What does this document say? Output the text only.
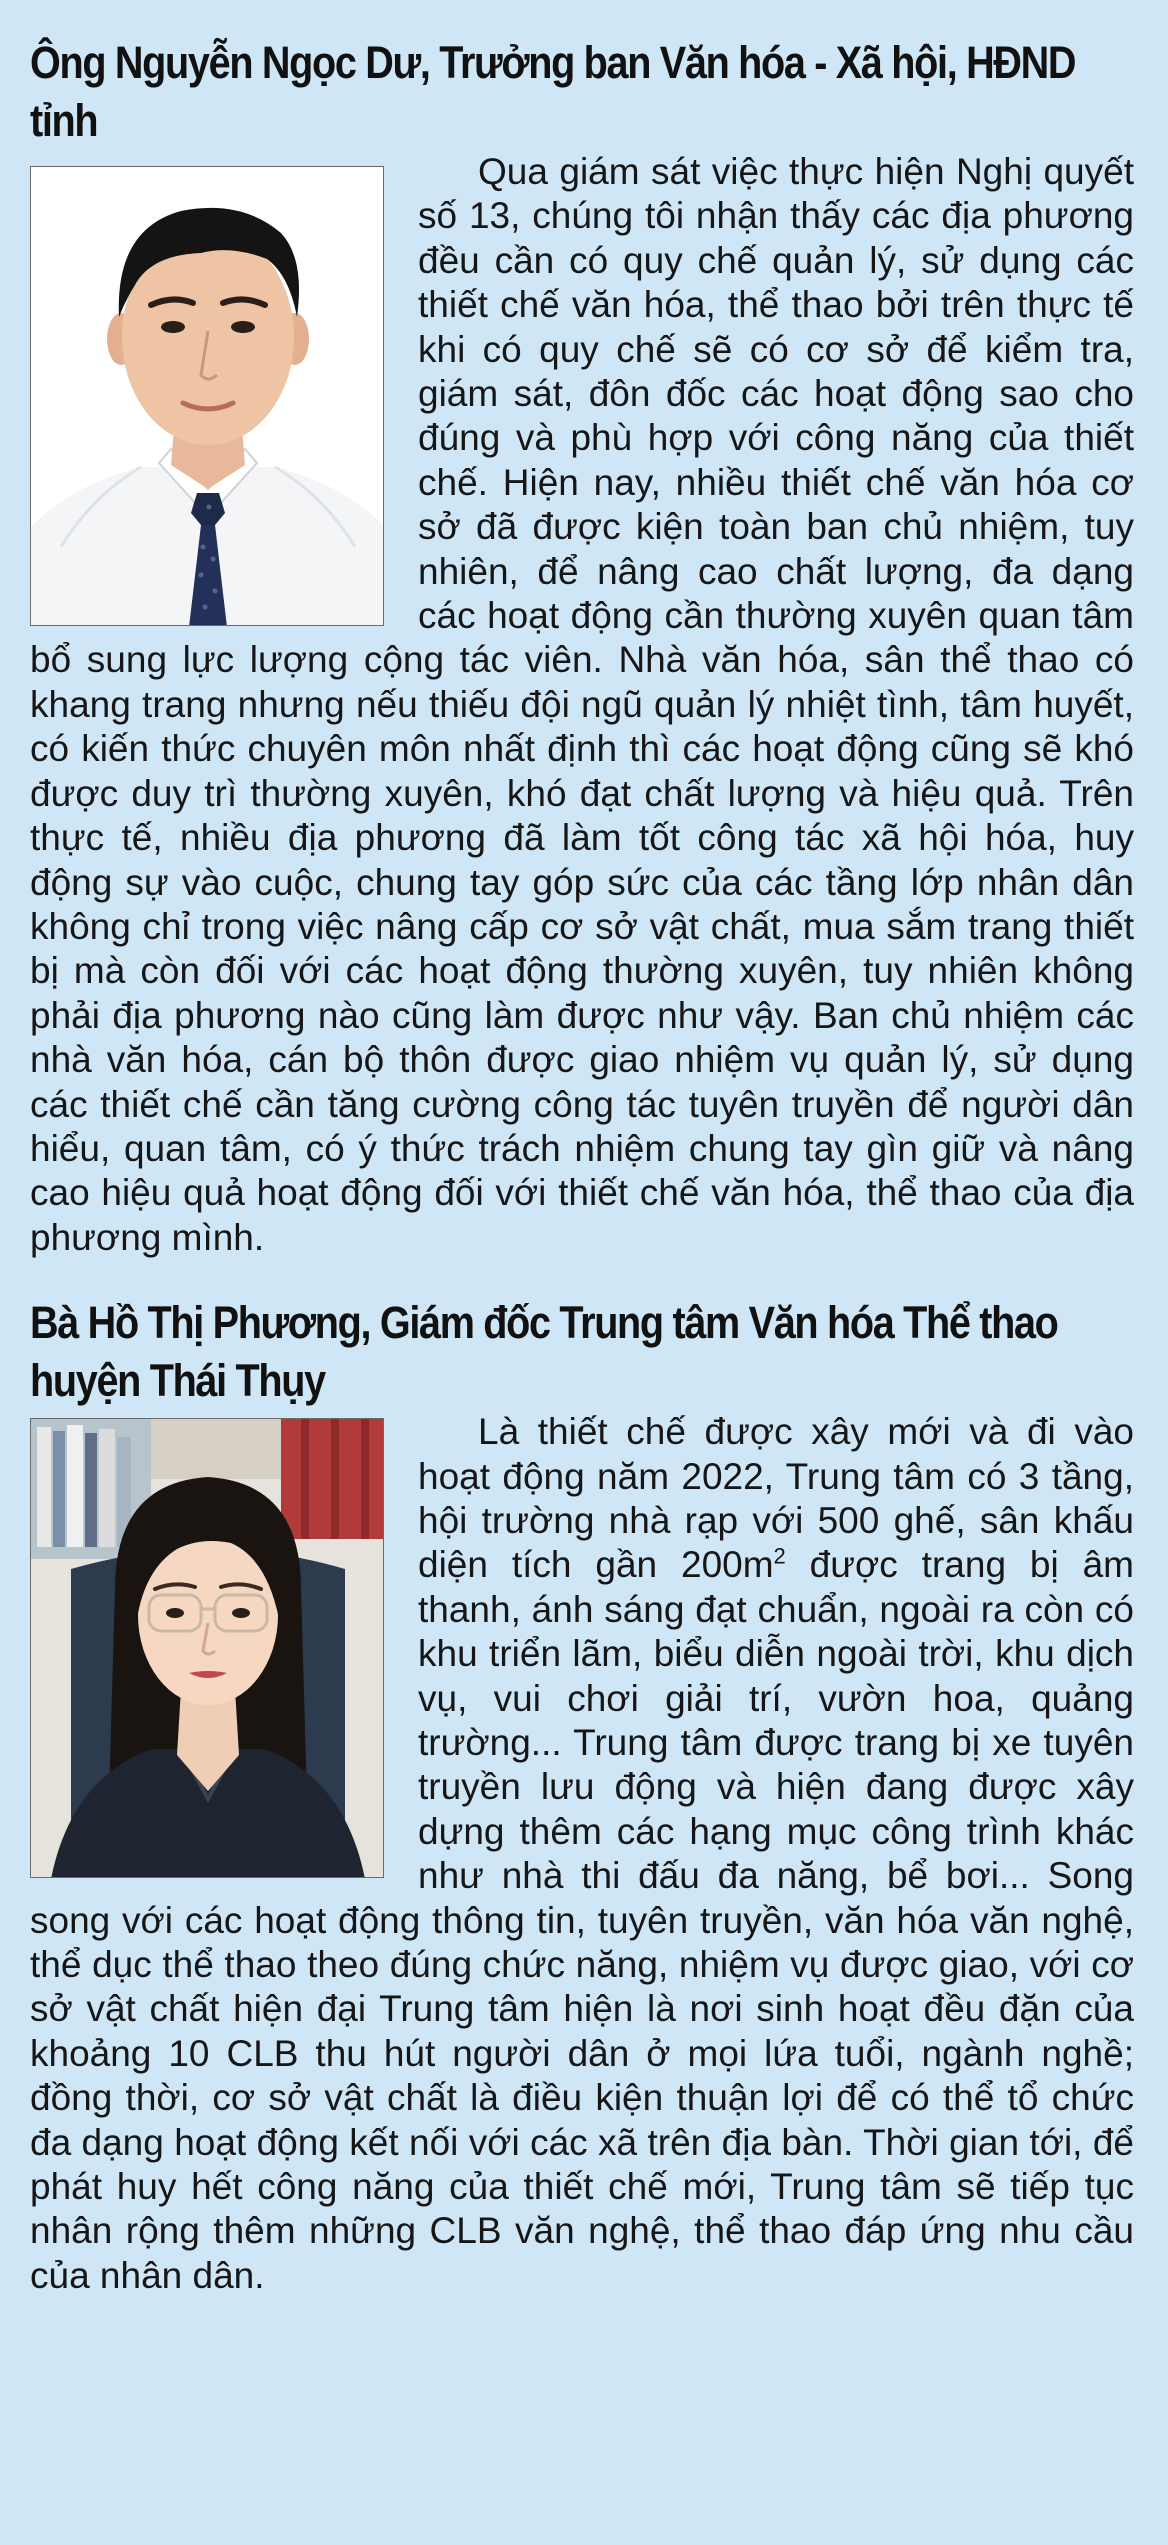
Ông Nguyễn Ngọc Dư, Trưởng ban Văn hóa - Xã hội, HĐND tỉnh

Qua giám sát việc thực hiện Nghị quyết số 13, chúng tôi nhận thấy các địa phương đều cần có quy chế quản lý, sử dụng các thiết chế văn hóa, thể thao bởi trên thực tế khi có quy chế sẽ có cơ sở để kiểm tra, giám sát, đôn đốc các hoạt động sao cho đúng và phù hợp với công năng của thiết chế. Hiện nay, nhiều thiết chế văn hóa cơ sở đã được kiện toàn ban chủ nhiệm, tuy nhiên, để nâng cao chất lượng, đa dạng các hoạt động cần thường xuyên quan tâm bổ sung lực lượng cộng tác viên. Nhà văn hóa, sân thể thao có khang trang nhưng nếu thiếu đội ngũ quản lý nhiệt tình, tâm huyết, có kiến thức chuyên môn nhất định thì các hoạt động cũng sẽ khó được duy trì thường xuyên, khó đạt chất lượng và hiệu quả. Trên thực tế, nhiều địa phương đã làm tốt công tác xã hội hóa, huy động sự vào cuộc, chung tay góp sức của các tầng lớp nhân dân không chỉ trong việc nâng cấp cơ sở vật chất, mua sắm trang thiết bị mà còn đối với các hoạt động thường xuyên, tuy nhiên không phải địa phương nào cũng làm được như vậy. Ban chủ nhiệm các nhà văn hóa, cán bộ thôn được giao nhiệm vụ quản lý, sử dụng các thiết chế cần tăng cường công tác tuyên truyền để người dân hiểu, quan tâm, có ý thức trách nhiệm chung tay gìn giữ và nâng cao hiệu quả hoạt động đối với thiết chế văn hóa, thể thao của địa phương mình.

Bà Hồ Thị Phương, Giám đốc Trung tâm Văn hóa Thể thao huyện Thái Thụy

Là thiết chế được xây mới và đi vào hoạt động năm 2022, Trung tâm có 3 tầng, hội trường nhà rạp với 500 ghế, sân khấu diện tích gần $200m^2$ được trang bị âm thanh, ánh sáng đạt chuẩn, ngoài ra còn có khu triển lãm, biểu diễn ngoài trời, khu dịch vụ, vui chơi giải trí, vườn hoa, quảng trường... Trung tâm được trang bị xe tuyên truyền lưu động và hiện đang được xây dựng thêm các hạng mục công trình khác như nhà thi đấu đa năng, bể bơi... Song song với các hoạt động thông tin, tuyên truyền, văn hóa văn nghệ, thể dục thể thao theo đúng chức năng, nhiệm vụ được giao, với cơ sở vật chất hiện đại Trung tâm hiện là nơi sinh hoạt đều đặn của khoảng 10 CLB thu hút người dân ở mọi lứa tuổi, ngành nghề; đồng thời, cơ sở vật chất là điều kiện thuận lợi để có thể tổ chức đa dạng hoạt động kết nối với các xã trên địa bàn. Thời gian tới, để phát huy hết công năng của thiết chế mới, Trung tâm sẽ tiếp tục nhân rộng thêm những CLB văn nghệ, thể thao đáp ứng nhu cầu của nhân dân.
